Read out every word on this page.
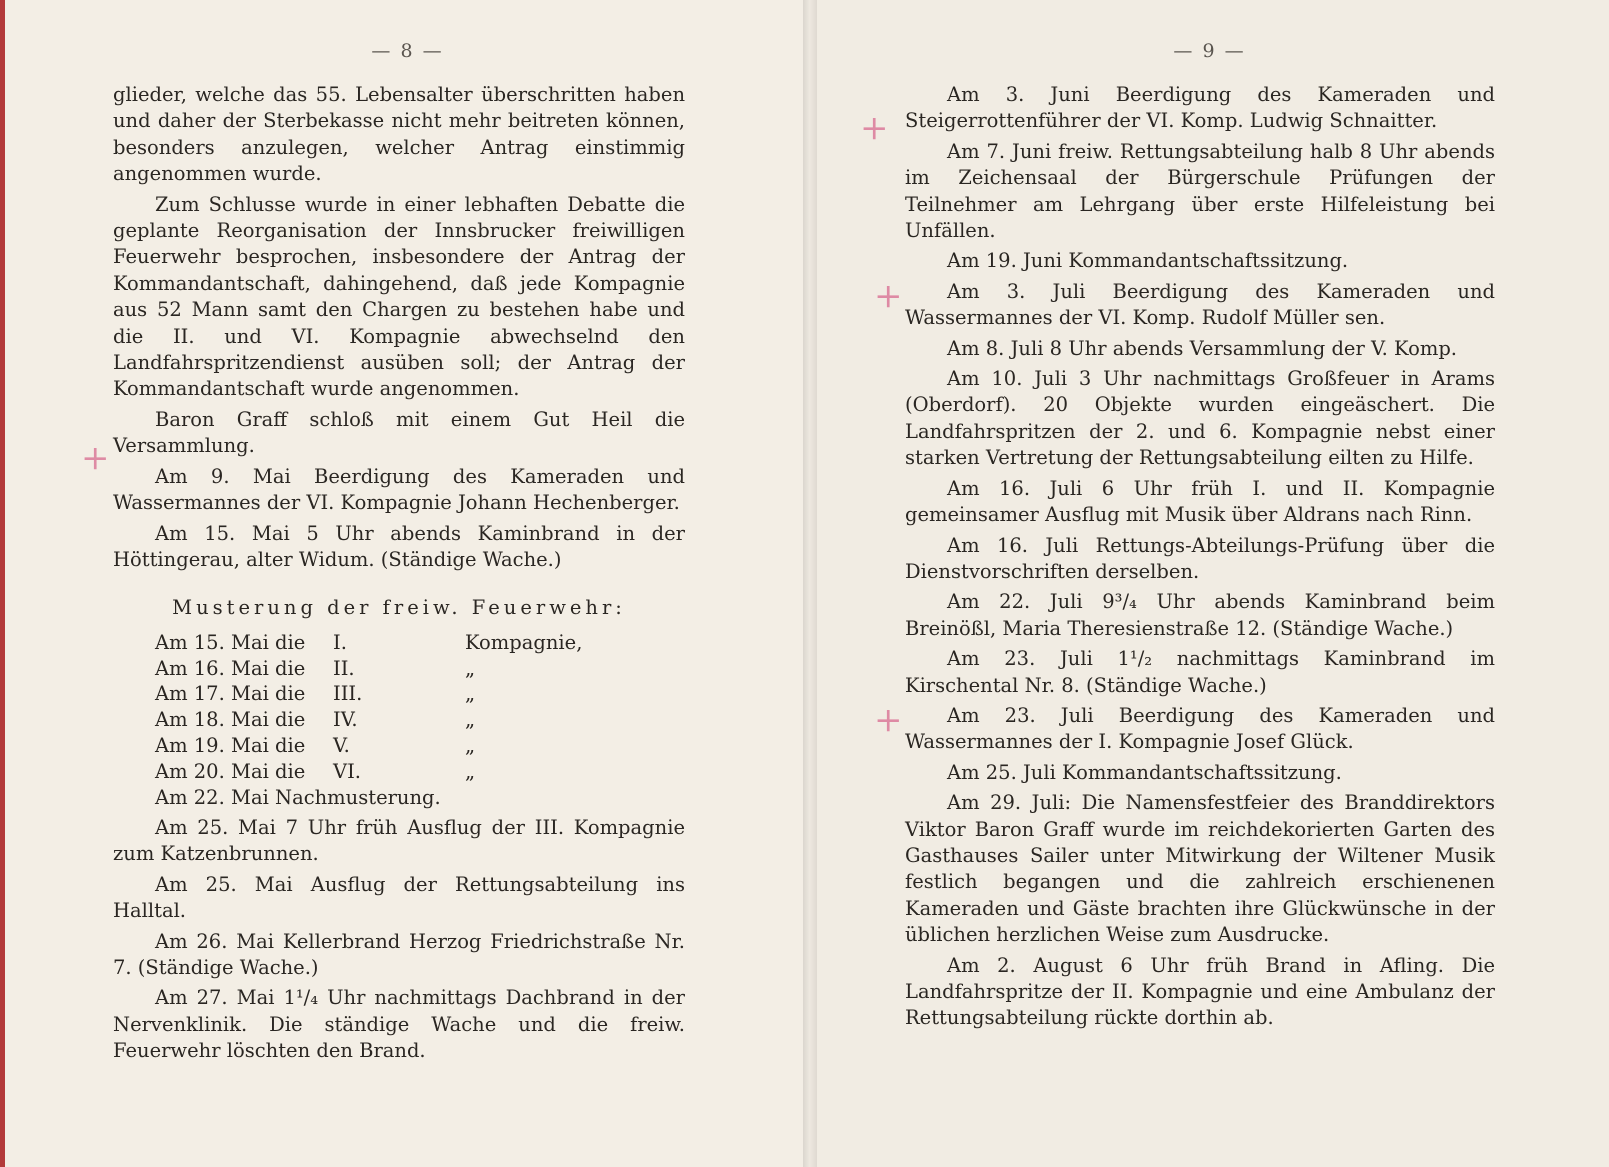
— 8 —

glieder, welche das 55. Lebensalter überschritten haben und daher der Sterbekasse nicht mehr beitreten können, besonders anzulegen, welcher Antrag einstimmig angenommen wurde.

Zum Schlusse wurde in einer lebhaften Debatte die geplante Reorganisation der Innsbrucker freiwilligen Feuerwehr besprochen, insbesondere der Antrag der Kommandantschaft, dahingehend, daß jede Kompagnie aus 52 Mann samt den Chargen zu bestehen habe und die II. und VI. Kompagnie abwechselnd den Landfahrspritzendienst ausüben soll; der Antrag der Kommandantschaft wurde angenommen.

Baron Graff schloß mit einem Gut Heil die Versammlung.

Am 9. Mai Beerdigung des Kameraden und Wassermannes der VI. Kompagnie Johann Hechenberger.

Am 15. Mai 5 Uhr abends Kaminbrand in der Höttingerau, alter Widum. (Ständige Wache.)

Musterung der freiw. Feuerwehr:
Am 15. Mai die	I.	Kompagnie,
Am 16. Mai die	II.	„
Am 17. Mai die	III.	„
Am 18. Mai die	IV.	„
Am 19. Mai die	V.	„
Am 20. Mai die	VI.	„

Am 22. Mai Nachmusterung.

Am 25. Mai 7 Uhr früh Ausflug der III. Kompagnie zum Katzenbrunnen.

Am 25. Mai Ausflug der Rettungsabteilung ins Halltal.

Am 26. Mai Kellerbrand Herzog Friedrichstraße Nr. 7. (Ständige Wache.)

Am 27. Mai 1¹/₄ Uhr nachmittags Dachbrand in der Nervenklinik. Die ständige Wache und die freiw. Feuerwehr löschten den Brand.

+
— 9 —

Am 3. Juni Beerdigung des Kameraden und Steigerrottenführer der VI. Komp. Ludwig Schnaitter.

Am 7. Juni freiw. Rettungsabteilung halb 8 Uhr abends im Zeichensaal der Bürgerschule Prüfungen der Teilnehmer am Lehrgang über erste Hilfeleistung bei Unfällen.

Am 19. Juni Kommandantschaftssitzung.

Am 3. Juli Beerdigung des Kameraden und Wassermannes der VI. Komp. Rudolf Müller sen.

Am 8. Juli 8 Uhr abends Versammlung der V. Komp.

Am 10. Juli 3 Uhr nachmittags Großfeuer in Arams (Oberdorf). 20 Objekte wurden eingeäschert. Die Landfahrspritzen der 2. und 6. Kompagnie nebst einer starken Vertretung der Rettungsabteilung eilten zu Hilfe.

Am 16. Juli 6 Uhr früh I. und II. Kompagnie gemeinsamer Ausflug mit Musik über Aldrans nach Rinn.

Am 16. Juli Rettungs-Abteilungs-Prüfung über die Dienstvorschriften derselben.

Am 22. Juli 9³/₄ Uhr abends Kaminbrand beim Breinößl, Maria Theresienstraße 12. (Ständige Wache.)

Am 23. Juli 1¹/₂ nachmittags Kaminbrand im Kirschental Nr. 8. (Ständige Wache.)

Am 23. Juli Beerdigung des Kameraden und Wassermannes der I. Kompagnie Josef Glück.

Am 25. Juli Kommandantschaftssitzung.

Am 29. Juli: Die Namensfestfeier des Branddirektors Viktor Baron Graff wurde im reichdekorierten Garten des Gasthauses Sailer unter Mitwirkung der Wiltener Musik festlich begangen und die zahlreich erschienenen Kameraden und Gäste brachten ihre Glückwünsche in der üblichen herzlichen Weise zum Ausdrucke.

Am 2. August 6 Uhr früh Brand in Afling. Die Landfahrspritze der II. Kompagnie und eine Ambulanz der Rettungsabteilung rückte dorthin ab.

+
+
+
